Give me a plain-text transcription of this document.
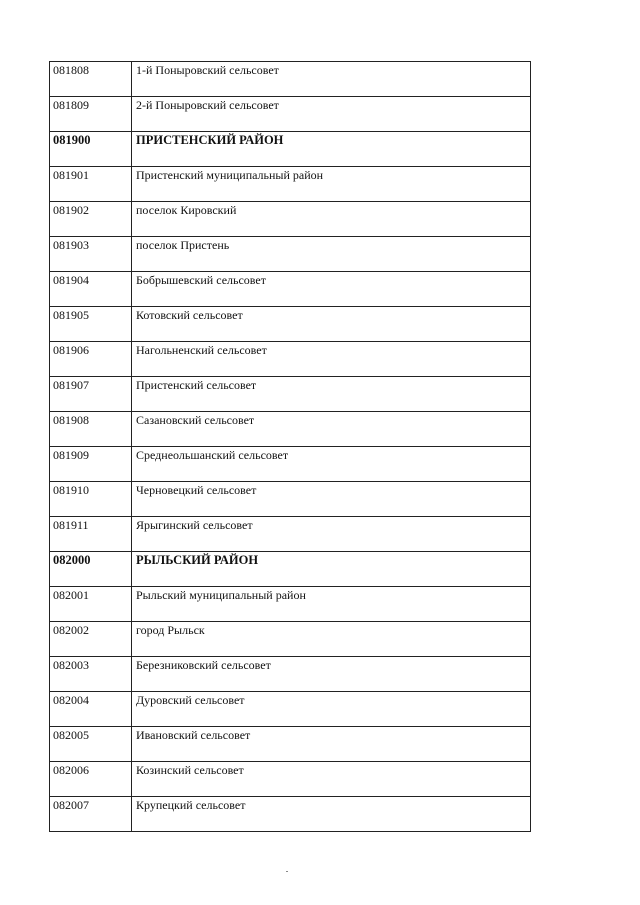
081808	1-й Поныровский сельсовет
081809	2-й Поныровский сельсовет
081900	ПРИСТЕНСКИЙ РАЙОН
081901	Пристенский муниципальный район
081902	поселок Кировский
081903	поселок Пристень
081904	Бобрышевский сельсовет
081905	Котовский сельсовет
081906	Нагольненский сельсовет
081907	Пристенский сельсовет
081908	Сазановский сельсовет
081909	Среднеольшанский сельсовет
081910	Черновецкий сельсовет
081911	Ярыгинский сельсовет
082000	РЫЛЬСКИЙ РАЙОН
082001	Рыльский муниципальный район
082002	город Рыльск
082003	Березниковский сельсовет
082004	Дуровский сельсовет
082005	Ивановский сельсовет
082006	Козинский сельсовет
082007	Крупецкий сельсовет
